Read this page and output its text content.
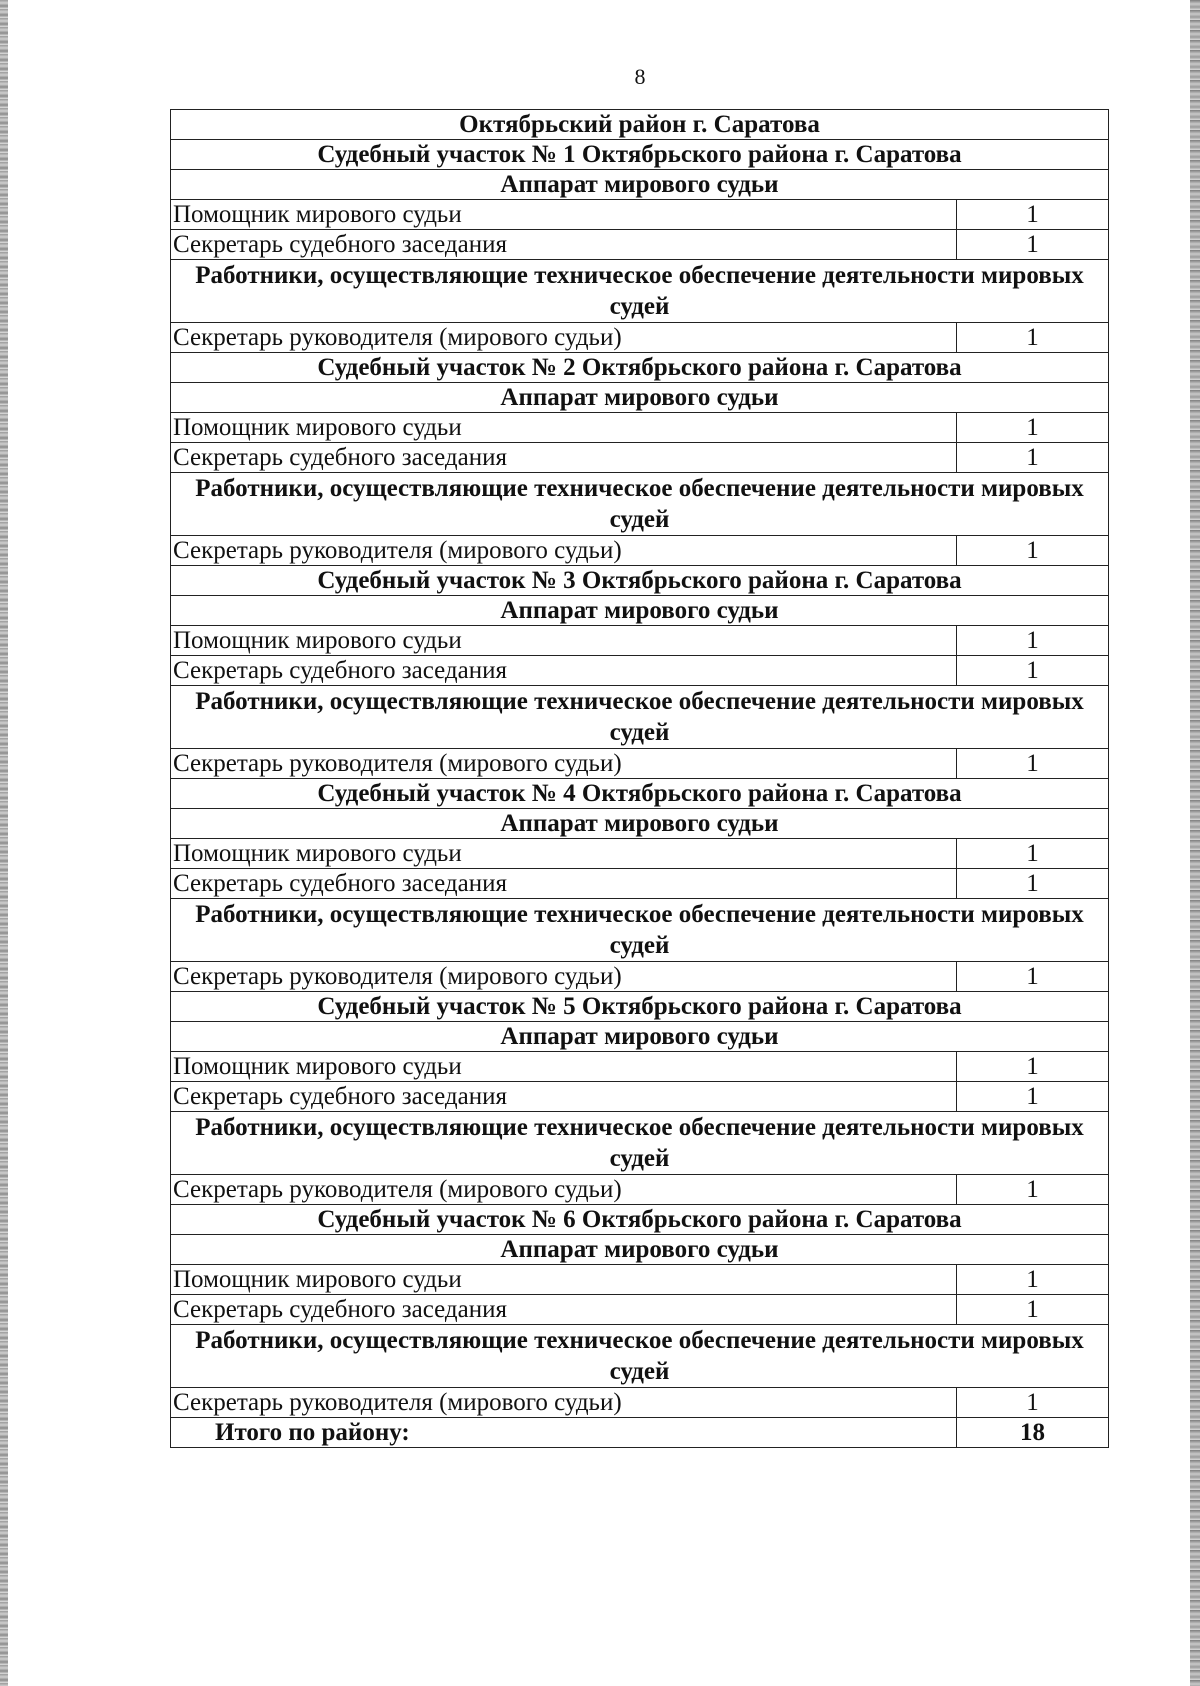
8
Октябрьский район г. Саратова	
Судебный участок № 1 Октябрьского района г. Саратова	
Аппарат мирового судьи	
Помощник мирового судьи	1
Секретарь судебного заседания	1
Работники, осуществляющие техническое обеспечение деятельности мировых судей	
Секретарь руководителя (мирового судьи)	1
Судебный участок № 2 Октябрьского района г. Саратова	
Аппарат мирового судьи	
Помощник мирового судьи	1
Секретарь судебного заседания	1
Работники, осуществляющие техническое обеспечение деятельности мировых судей	
Секретарь руководителя (мирового судьи)	1
Судебный участок № 3 Октябрьского района г. Саратова	
Аппарат мирового судьи	
Помощник мирового судьи	1
Секретарь судебного заседания	1
Работники, осуществляющие техническое обеспечение деятельности мировых судей	
Секретарь руководителя (мирового судьи)	1
Судебный участок № 4 Октябрьского района г. Саратова	
Аппарат мирового судьи	
Помощник мирового судьи	1
Секретарь судебного заседания	1
Работники, осуществляющие техническое обеспечение деятельности мировых судей	
Секретарь руководителя (мирового судьи)	1
Судебный участок № 5 Октябрьского района г. Саратова	
Аппарат мирового судьи	
Помощник мирового судьи	1
Секретарь судебного заседания	1
Работники, осуществляющие техническое обеспечение деятельности мировых судей	
Секретарь руководителя (мирового судьи)	1
Судебный участок № 6 Октябрьского района г. Саратова	
Аппарат мирового судьи	
Помощник мирового судьи	1
Секретарь судебного заседания	1
Работники, осуществляющие техническое обеспечение деятельности мировых судей	
Секретарь руководителя (мирового судьи)	1
Итого по району:	18
